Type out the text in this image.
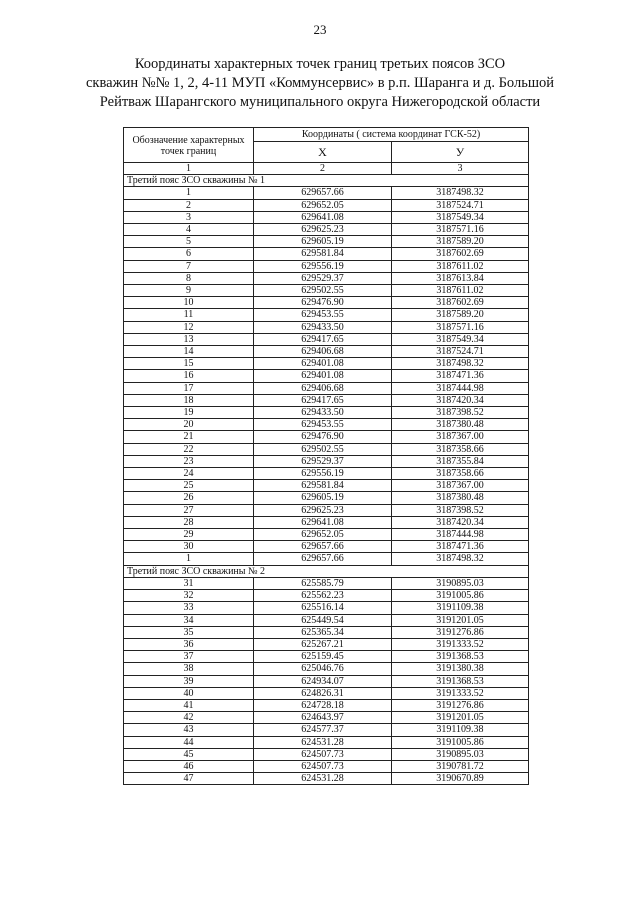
23
Координаты характерных точек границ третьих поясов ЗСО
скважин №№ 1, 2, 4-11 МУП «Коммунсервис» в р.п. Шаранга и д. Большой
Рейтваж Шарангского муниципального округа Нижегородской области
Обозначение характерных точек границ	Координаты ( система координат ГСК-52)	
	X	У
1	2	3
Третий пояс ЗСО скважины № 1		
1	629657.66	3187498.32
2	629652.05	3187524.71
3	629641.08	3187549.34
4	629625.23	3187571.16
5	629605.19	3187589.20
6	629581.84	3187602.69
7	629556.19	3187611.02
8	629529.37	3187613.84
9	629502.55	3187611.02
10	629476.90	3187602.69
11	629453.55	3187589.20
12	629433.50	3187571.16
13	629417.65	3187549.34
14	629406.68	3187524.71
15	629401.08	3187498.32
16	629401.08	3187471.36
17	629406.68	3187444.98
18	629417.65	3187420.34
19	629433.50	3187398.52
20	629453.55	3187380.48
21	629476.90	3187367.00
22	629502.55	3187358.66
23	629529.37	3187355.84
24	629556.19	3187358.66
25	629581.84	3187367.00
26	629605.19	3187380.48
27	629625.23	3187398.52
28	629641.08	3187420.34
29	629652.05	3187444.98
30	629657.66	3187471.36
1	629657.66	3187498.32
Третий пояс ЗСО скважины № 2		
31	625585.79	3190895.03
32	625562.23	3191005.86
33	625516.14	3191109.38
34	625449.54	3191201.05
35	625365.34	3191276.86
36	625267.21	3191333.52
37	625159.45	3191368.53
38	625046.76	3191380.38
39	624934.07	3191368.53
40	624826.31	3191333.52
41	624728.18	3191276.86
42	624643.97	3191201.05
43	624577.37	3191109.38
44	624531.28	3191005.86
45	624507.73	3190895.03
46	624507.73	3190781.72
47	624531.28	3190670.89
